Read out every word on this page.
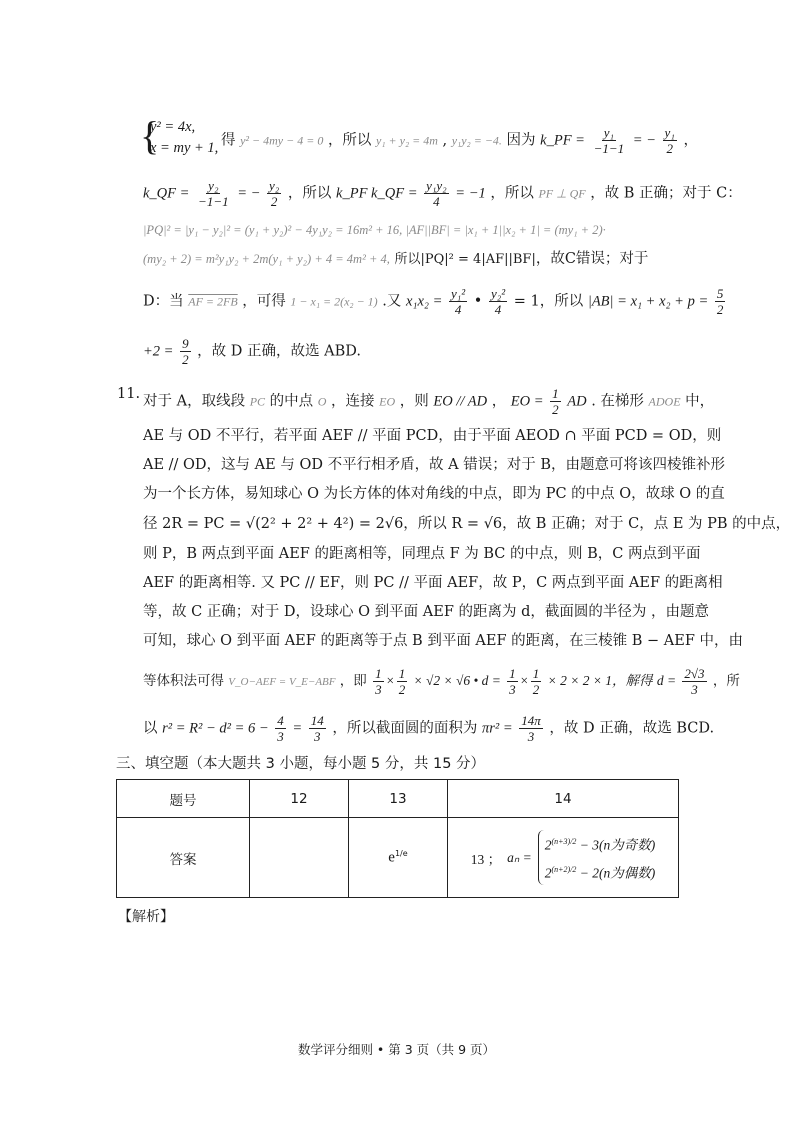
{
y² = 4x,
x = my + 1, 得 y² − 4my − 4 = 0 ，所以 y₁ + y₂ = 4m , y₁y₂ = −4. 因为 k_PF = $\frac{\text{y₁}}{-1-1}$ = − $\frac{\text{y₁}}{2}$ ，
k_QF = $\frac{\text{y₂}}{-1-1}$ = − $\frac{\text{y₂}}{2}$ ，所以 k_PF k_QF = $\frac{\text{y₁y₂}}{4} = -1$ ，所以 PF ⊥ QF ，故 B 正确；对于 C：
|PQ|² = |y₁ − y₂|² = (y₁ + y₂)² − 4y₁y₂ = 16m² + 16, |AF||BF| = |x₁ + 1||x₂ + 1| = (my₁ + 2)·
(my₂ + 2) = m²y₁y₂ + 2m(y₁ + y₂) + 4 = 4m² + 4, 所以|PQ|² = 4|AF||BF|，故C错误；对于
D：当 AF = 2FB ，可得 1 − x₁ = 2(x₂ − 1) .又 $x_1x_2 = \frac{\text{y₁²}}{4}$ • $\frac{\text{y₂²}}{4} = 1$，所以 $|AB| = x_1 + x_2 + p = \frac{5}{2}$
$+2 = \frac{9}{2}$ ，故 D 正确，故选 ABD.
11. 对于 A，取线段 PC 的中点 O ，连接 EO ，则 EO // AD ， EO = $\frac{1}{2}$ AD . 在梯形 ADOE 中，
AE 与 OD 不平行，若平面 AEF // 平面 PCD，由于平面 AEOD ∩ 平面 PCD = OD，则
AE // OD，这与 AE 与 OD 不平行相矛盾，故 A 错误；对于 B，由题意可将该四棱锥补形
为一个长方体，易知球心 O 为长方体的体对角线的中点，即为 PC 的中点 O，故球 O 的直
径 2R = PC = √(2² + 2² + 4²) = 2√6，所以 R = √6，故 B 正确；对于 C，点 E 为 PB 的中点，
则 P，B 两点到平面 AEF 的距离相等，同理点 F 为 BC 的中点，则 B，C 两点到平面
AEF 的距离相等. 又 PC // EF，则 PC // 平面 AEF，故 P，C 两点到平面 AEF 的距离相
等，故 C 正确；对于 D，设球心 O 到平面 AEF 的距离为 d，截面圆的半径为 ，由题意
可知，球心 O 到平面 AEF 的距离等于点 B 到平面 AEF 的距离，在三棱锥 B − AEF 中，由
等体积法可得 V_O−AEF = V_E−ABF ，即 $\frac{1}{3} \times \frac{1}{2} \times √2 \times √6$ • $d = \frac{1}{3} \times \frac{1}{2} \times 2 \times 2 \times 1$，解得 $d = \frac{2√3}{3}$ ，所
以 $r^2 = R^2 - d^2 = 6 - \frac{4}{3} = \frac{14}{3}$ ，所以截面圆的面积为 $\pi r^2 = \frac{14\pi}{3}$ ，故 D 正确，故选 BCD.
三、填空题（本大题共 3 小题，每小题 5 分，共 15 分）
题号	12	13	14
答案		$e^{1/e}$	13 ； aₙ =
$2^{(n+3)/2} - 3(n$为奇数)
$2^{(n+2)/2} - 2(n$为偶数)
【解析】
数学评分细则 • 第 3 页（共 9 页）
